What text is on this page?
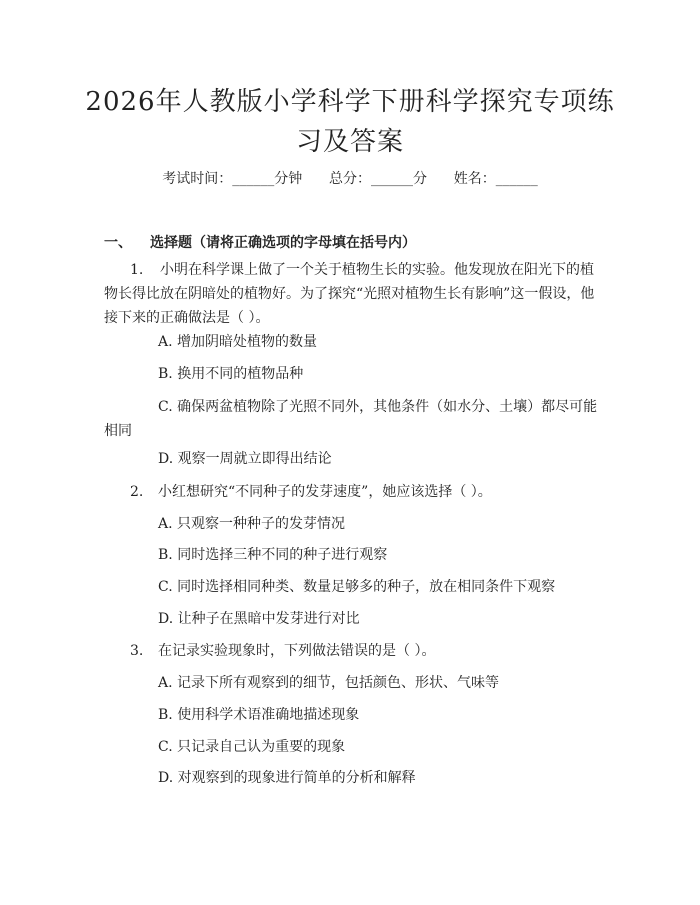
2026年人教版小学科学下册科学探究专项练习及答案
考试时间：______分钟 总分：______分 姓名：______
一、 选择题（请将正确选项的字母填在括号内）
1. 小明在科学课上做了一个关于植物生长的实验。他发现放在阳光下的植物长得比放在阴暗处的植物好。为了探究“光照对植物生长有影响”这一假设，他接下来的正确做法是（ ）。
A. 增加阴暗处植物的数量
B. 换用不同的植物品种
C. 确保两盆植物除了光照不同外，其他条件（如水分、土壤）都尽可能相同
D. 观察一周就立即得出结论
2. 小红想研究“不同种子的发芽速度”，她应该选择（ ）。
A. 只观察一种种子的发芽情况
B. 同时选择三种不同的种子进行观察
C. 同时选择相同种类、数量足够多的种子，放在相同条件下观察
D. 让种子在黑暗中发芽进行对比
3. 在记录实验现象时，下列做法错误的是（ ）。
A. 记录下所有观察到的细节，包括颜色、形状、气味等
B. 使用科学术语准确地描述现象
C. 只记录自己认为重要的现象
D. 对观察到的现象进行简单的分析和解释
